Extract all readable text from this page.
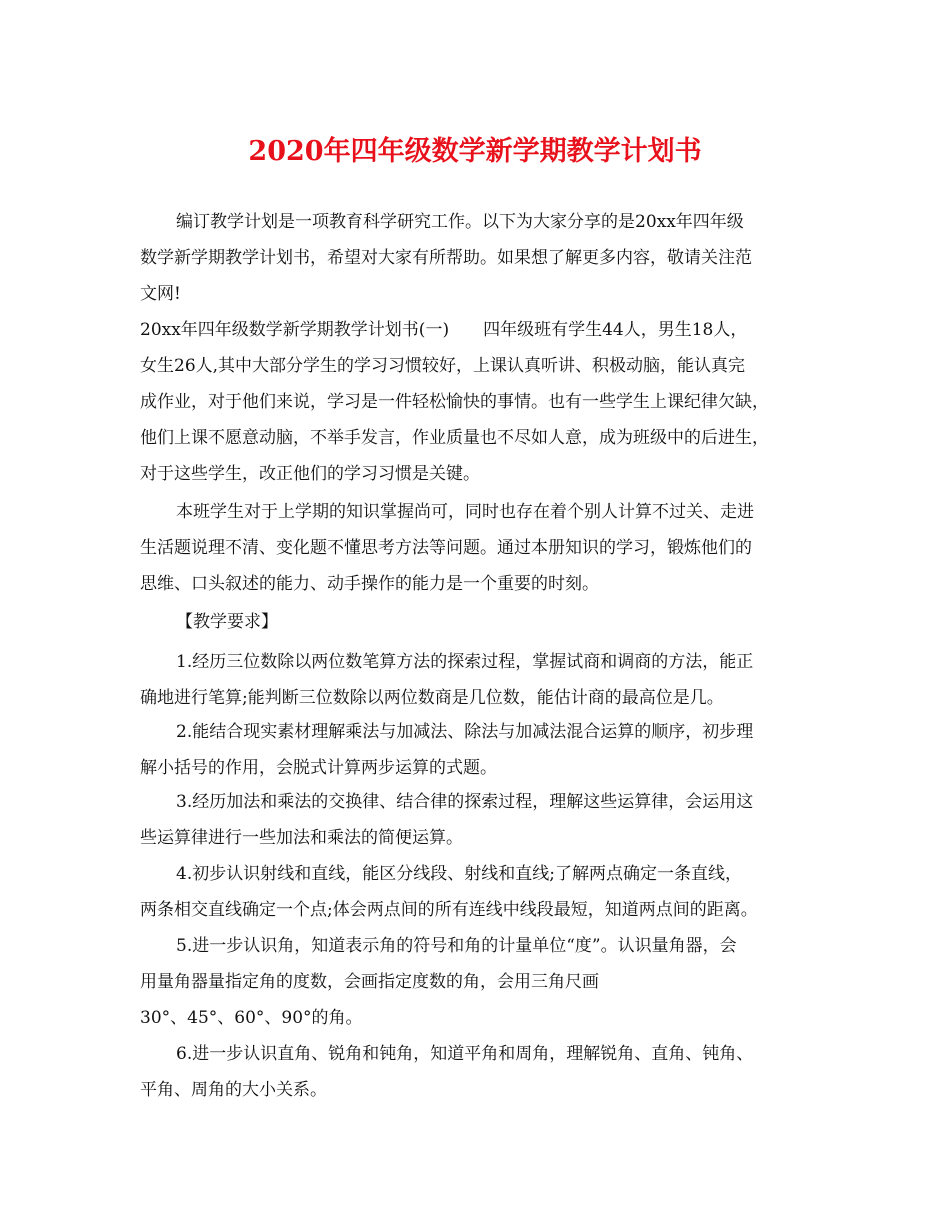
2020年四年级数学新学期教学计划书
编订教学计划是一项教育科学研究工作。以下为大家分享的是20xx年四年级
数学新学期教学计划书，希望对大家有所帮助。如果想了解更多内容，敬请关注范
文网!
20xx年四年级数学新学期教学计划书(一)　　四年级班有学生44人，男生18人，
女生26人,其中大部分学生的学习习惯较好，上课认真听讲、积极动脑，能认真完
成作业，对于他们来说，学习是一件轻松愉快的事情。也有一些学生上课纪律欠缺，
他们上课不愿意动脑，不举手发言，作业质量也不尽如人意，成为班级中的后进生，
对于这些学生，改正他们的学习习惯是关键。
本班学生对于上学期的知识掌握尚可，同时也存在着个别人计算不过关、走进
生活题说理不清、变化题不懂思考方法等问题。通过本册知识的学习，锻炼他们的
思维、口头叙述的能力、动手操作的能力是一个重要的时刻。
【教学要求】
1.经历三位数除以两位数笔算方法的探索过程，掌握试商和调商的方法，能正
确地进行笔算;能判断三位数除以两位数商是几位数，能估计商的最高位是几。
2.能结合现实素材理解乘法与加减法、除法与加减法混合运算的顺序，初步理
解小括号的作用，会脱式计算两步运算的式题。
3.经历加法和乘法的交换律、结合律的探索过程，理解这些运算律，会运用这
些运算律进行一些加法和乘法的简便运算。
4.初步认识射线和直线，能区分线段、射线和直线;了解两点确定一条直线，
两条相交直线确定一个点;体会两点间的所有连线中线段最短，知道两点间的距离。
5.进一步认识角，知道表示角的符号和角的计量单位“度”。认识量角器，会
用量角器量指定角的度数，会画指定度数的角，会用三角尺画
30°、45°、60°、90°的角。
6.进一步认识直角、锐角和钝角，知道平角和周角，理解锐角、直角、钝角、
平角、周角的大小关系。
